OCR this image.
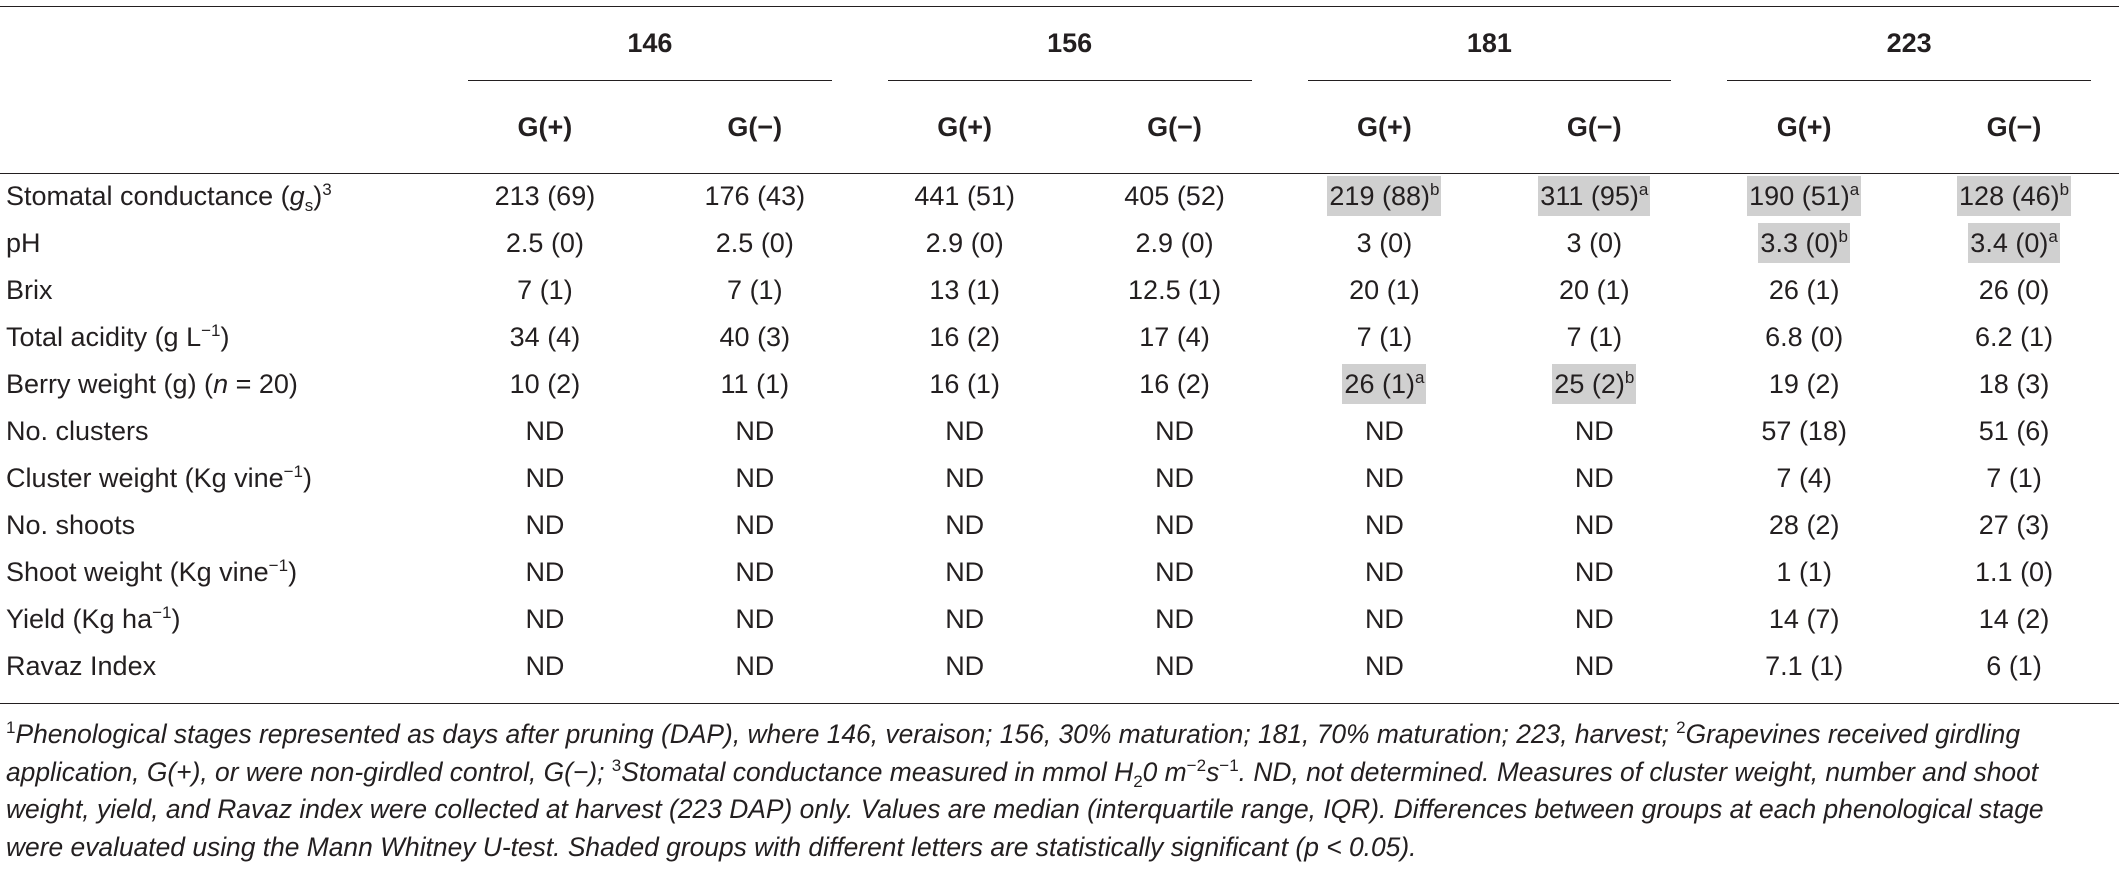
	146		156		181		223	

	G(+)	G(−)	G(+)	G(−)	G(+)	G(−)	G(+)	G(−)
Stomatal conductance $(g_s)^3$	213 (69)	176 (43)	441 (51)	405 (52)	219 $(88)^b$	311 $(95)^a$	190 $(51)^a$	128 $(46)^b$
pH	2.5 (0)	2.5 (0)	2.9 (0)	2.9 (0)	3 (0)	3 (0)	3.3 $(0)^b$	3.4 $(0)^a$
Brix	7 (1)	7 (1)	13 (1)	12.5 (1)	20 (1)	20 (1)	26 (1)	26 (0)
Total acidity (g $L^{-1}$)	34 (4)	40 (3)	16 (2)	17 (4)	7 (1)	7 (1)	6.8 (0)	6.2 (1)
Berry weight (g) (n = 20)	10 (2)	11 (1)	16 (1)	16 (2)	26 $(1)^a$	25 $(2)^b$	19 (2)	18 (3)
No. clusters	ND	ND	ND	ND	ND	ND	57 (18)	51 (6)
Cluster weight (Kg vine$^{-1}$)	ND	ND	ND	ND	ND	ND	7 (4)	7 (1)
No. shoots	ND	ND	ND	ND	ND	ND	28 (2)	27 (3)
Shoot weight (Kg vine$^{-1}$)	ND	ND	ND	ND	ND	ND	1 (1)	1.1 (0)
Yield (Kg $ha^{-1}$)	ND	ND	ND	ND	ND	ND	14 (7)	14 (2)
Ravaz Index	ND	ND	ND	ND	ND	ND	7.1 (1)	6 (1)
$^1$Phenological stages represented as days after pruning (DAP), where 146, veraison; 156, 30% maturation; 181, 70% maturation; 223, harvest; $^2$Grapevines received girdling application, G(+), or were non-girdled control, G(−); $^3$Stomatal conductance measured in mmol $H_20$ $m^{-2}s^{-1}$. ND, not determined. Measures of cluster weight, number and shoot weight, yield, and Ravaz index were collected at harvest (223 DAP) only. Values are median (interquartile range, IQR). Differences between groups at each phenological stage were evaluated using the Mann Whitney U-test. Shaded groups with different letters are statistically significant (p < 0.05).
